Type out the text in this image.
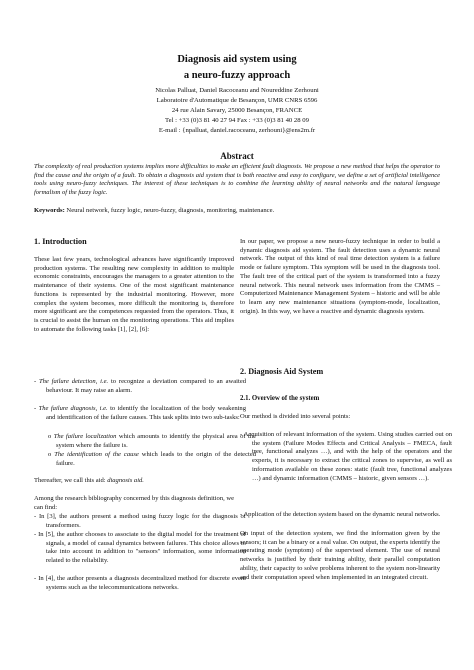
Diagnosis aid system using
a neuro-fuzzy approach
Nicolas Palluat, Daniel Racoceanu and Noureddine Zerhouni
Laboratoire d'Automatique de Besançon, UMR CNRS 6596
24 rue Alain Savary, 25000 Besançon, FRANCE
Tel : +33 (0)3 81 40 27 94 Fax : +33 (0)3 81 40 28 09
E-mail : {npalluat, daniel.racoceanu, zerhouni}@ens2m.fr
Abstract
The complexity of real production systems implies more difficulties to make an efficient fault diagnosis. We propose a new method that helps the operator to find the cause and the origin of a fault. To obtain a diagnosis aid system that is both reactive and easy to configure, we define a set of artificial intelligence tools using neuro-fuzzy techniques. The interest of these techniques is to combine the learning ability of neural networks and the natural language formalism of the fuzzy logic.
Keywords: Neural network, fuzzy logic, neuro-fuzzy, diagnosis, monitoring, maintenance.
1. Introduction
These last few years, technological advances have significantly improved production systems. The resulting new complexity in addition to multiple economic constraints, encourages the managers to a greater attention to the maintenance of their systems. One of the most significant maintenance functions is represented by the industrial monitoring. However, more complex the system becomes, more difficult the monitoring is, therefore more significant are the competences requested from the operators. Thus, it is crucial to assist the human on the monitoring operations. This aid implies to automate the following tasks [1], [2], [6]:
- The failure detection, i.e. to recognize a deviation compared to an awaited behaviour. It may raise an alarm.
- The failure diagnosis, i.e. to identify the localization of the body weakening and identification of the failure causes. This task splits into two sub-tasks:
o The failure localization which amounts to identify the physical area of the system where the failure is.
o The identification of the cause which leads to the origin of the detected failure.
Thereafter, we call this aid: diagnosis aid.
Among the research bibliography concerned by this diagnosis definition, we can find:
- In [3], the authors present a method using fuzzy logic for the diagnosis of transformers.
- In [5], the author chooses to associate to the digital model for the treatment of signals, a model of causal dynamics between failures. This choice allows to take into account in addition to "sensors" information, some information related to the reliability.
- In [4], the author presents a diagnosis decentralized method for discrete event systems such as the telecommunications networks.
In our paper, we propose a new neuro-fuzzy technique in order to build a dynamic diagnosis aid system. The fault detection uses a dynamic neural network. The output of this kind of real time detection system is a failure mode or failure symptom. This symptom will be used in the diagnosis tool. The fault tree of the critical part of the system is transformed into a fuzzy neural network. This neural network uses information from the CMMS – Computerized Maintenance Management System – historic and will be able to learn any new maintenance situations (symptom-mode, localization, origin). In this way, we have a reactive and dynamic diagnosis system.
2. Diagnosis Aid System
2.1. Overview of the system
Our method is divided into several points:
- Acquisition of relevant information of the system. Using studies carried out on the system (Failure Modes Effects and Critical Analysis – FMECA, fault tree, functional analyzes …), and with the help of the operators and the experts, it is necessary to extract the critical zones to supervise, as well as information available on these zones: static (fault tree, functional analyzes …) and dynamic information (CMMS – historic, given sensors …).
- Application of the detection system based on the dynamic neural networks.
On input of the detection system, we find the information given by the sensors; it can be a binary or a real value. On output, the experts identify the operating mode (symptom) of the supervised element. The use of neural networks is justified by their training ability, their parallel computation ability, their capacity to solve problems inherent to the system non-linearity and their computation speed when implemented in an integrated circuit.
